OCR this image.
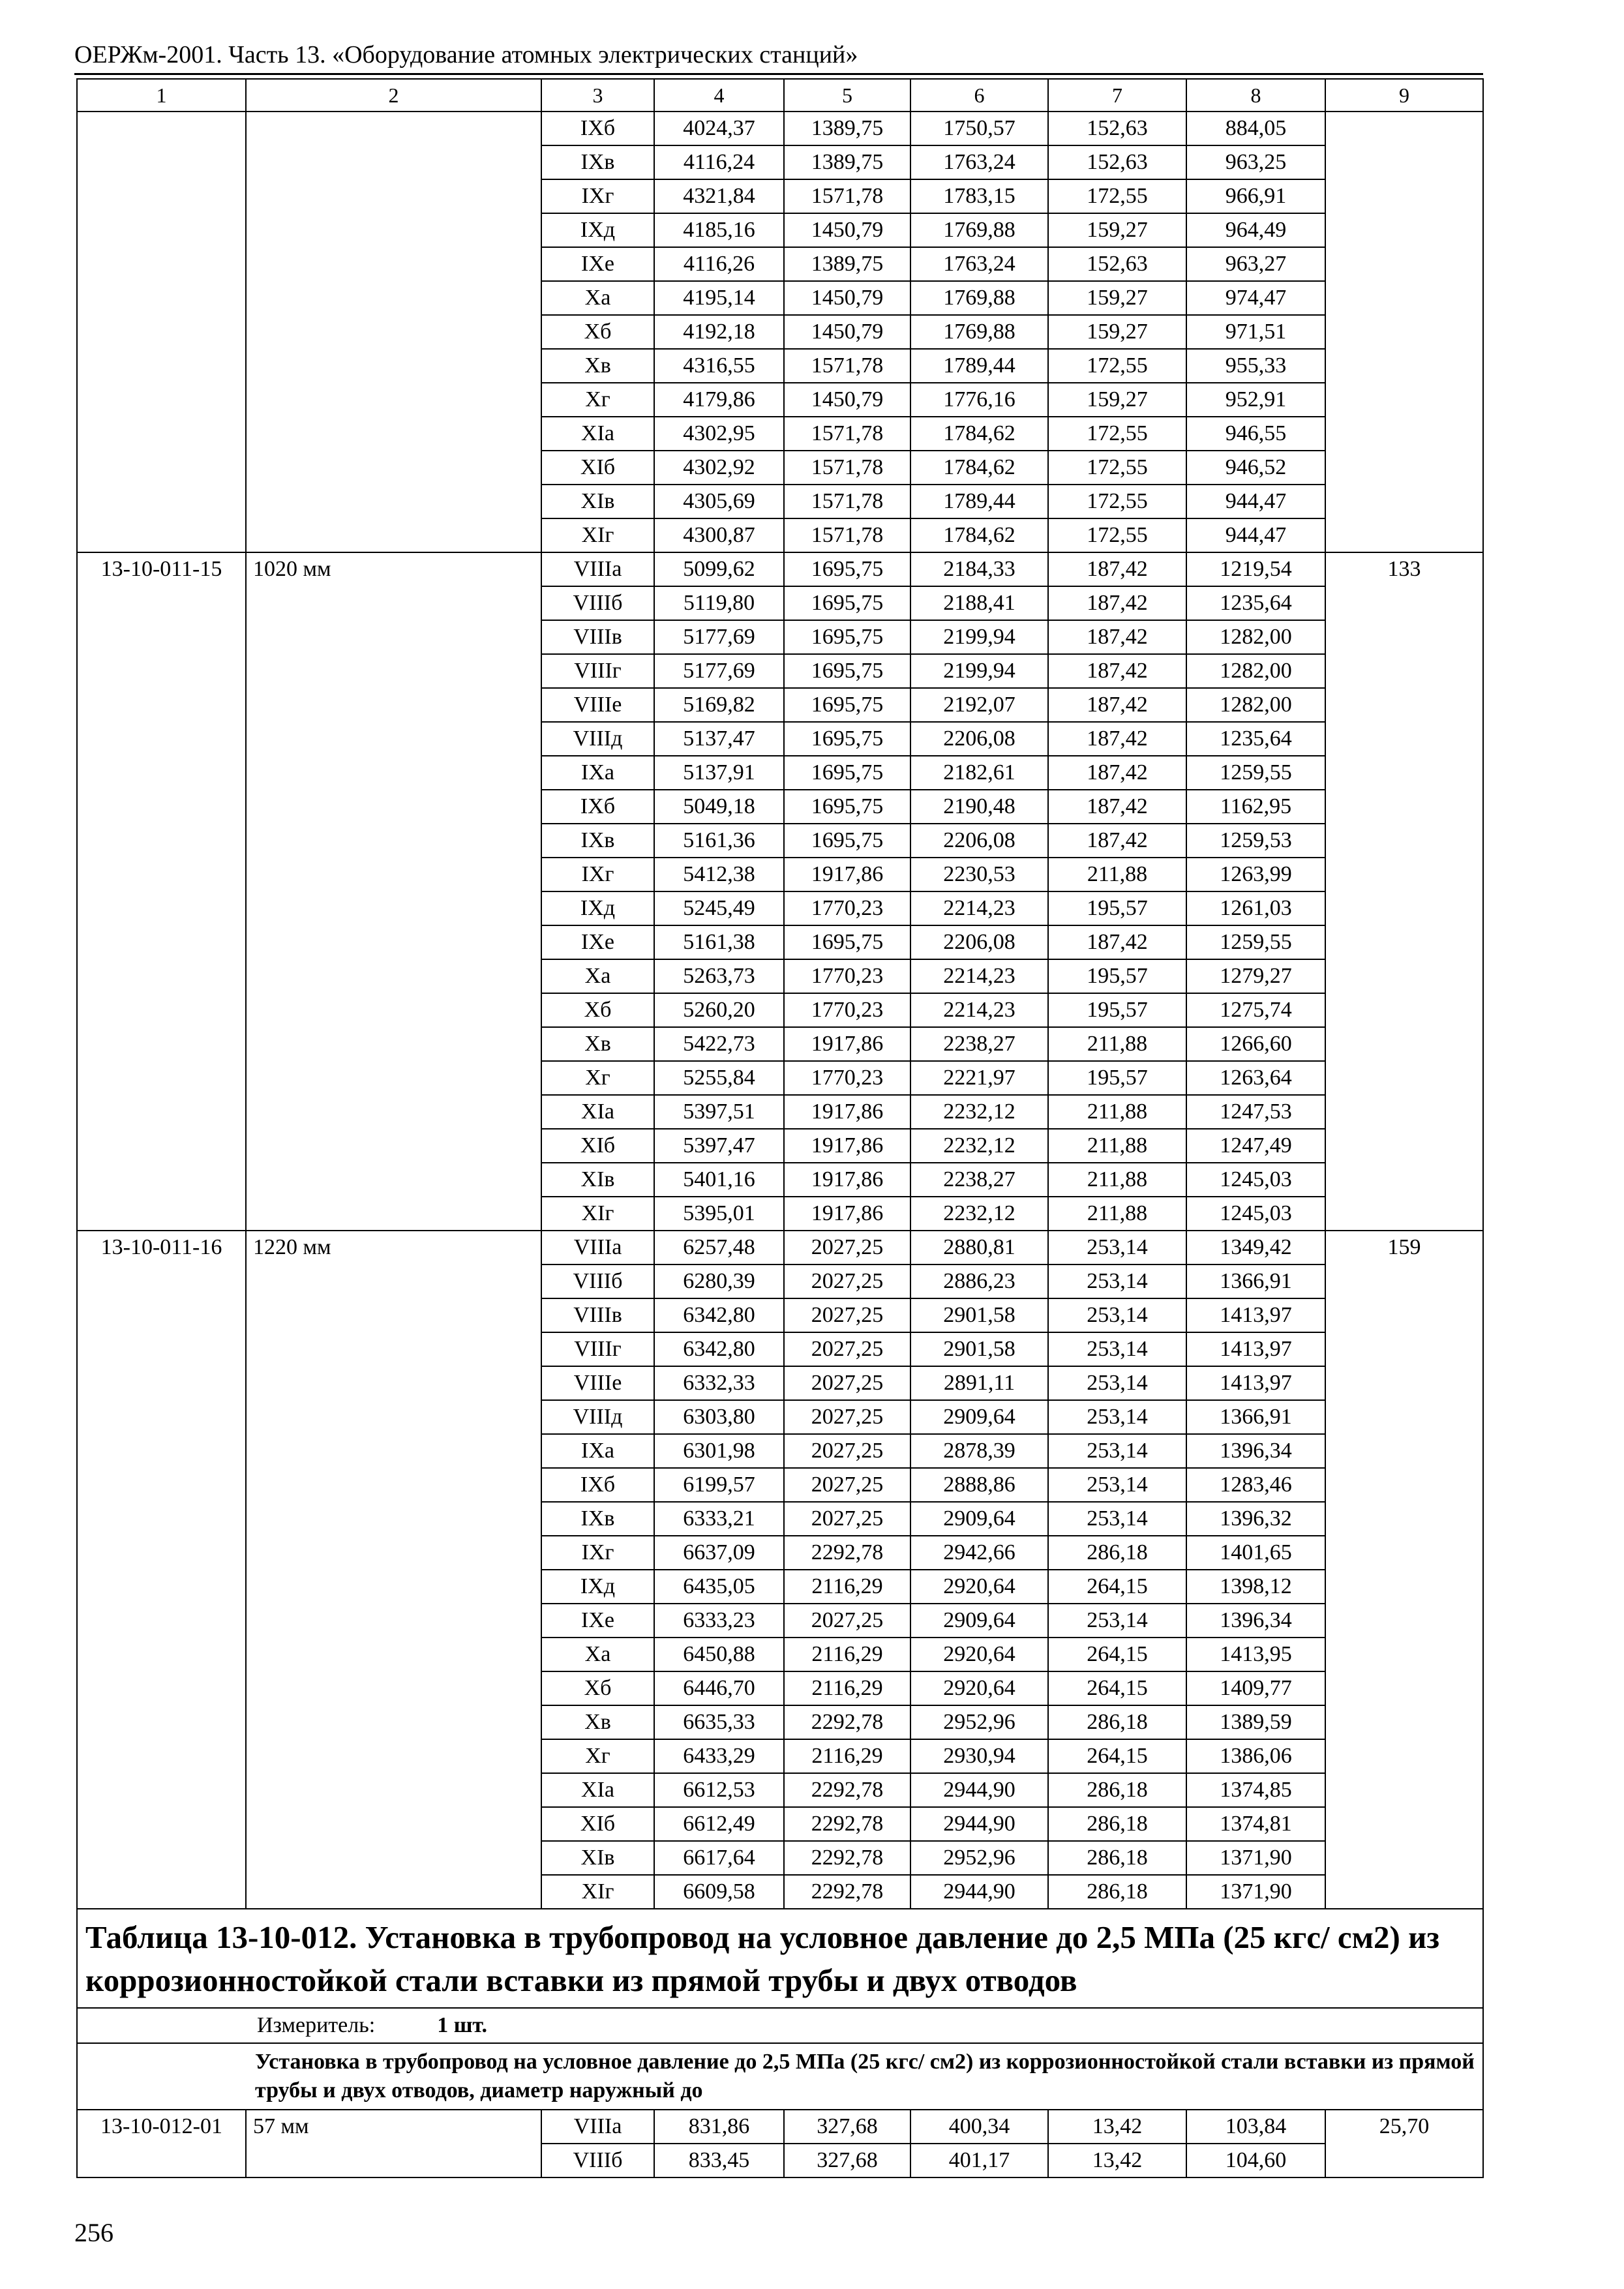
ОЕРЖм-2001. Часть 13. «Оборудование атомных электрических станций»
1	2	3	4	5	6	7	8	9
		IXб	4024,37	1389,75	1750,57	152,63	884,05	
		IXв	4116,24	1389,75	1763,24	152,63	963,25	
		IXг	4321,84	1571,78	1783,15	172,55	966,91	
		IXд	4185,16	1450,79	1769,88	159,27	964,49	
		IXе	4116,26	1389,75	1763,24	152,63	963,27	
		Xа	4195,14	1450,79	1769,88	159,27	974,47	
		Xб	4192,18	1450,79	1769,88	159,27	971,51	
		Xв	4316,55	1571,78	1789,44	172,55	955,33	
		Xг	4179,86	1450,79	1776,16	159,27	952,91	
		XIа	4302,95	1571,78	1784,62	172,55	946,55	
		XIб	4302,92	1571,78	1784,62	172,55	946,52	
		XIв	4305,69	1571,78	1789,44	172,55	944,47	
		XIг	4300,87	1571,78	1784,62	172,55	944,47	
13-10-011-15	1020 мм	VIIIа	5099,62	1695,75	2184,33	187,42	1219,54	133
		VIIIб	5119,80	1695,75	2188,41	187,42	1235,64	
		VIIIв	5177,69	1695,75	2199,94	187,42	1282,00	
		VIIIг	5177,69	1695,75	2199,94	187,42	1282,00	
		VIIIе	5169,82	1695,75	2192,07	187,42	1282,00	
		VIIIд	5137,47	1695,75	2206,08	187,42	1235,64	
		IXа	5137,91	1695,75	2182,61	187,42	1259,55	
		IXб	5049,18	1695,75	2190,48	187,42	1162,95	
		IXв	5161,36	1695,75	2206,08	187,42	1259,53	
		IXг	5412,38	1917,86	2230,53	211,88	1263,99	
		IXд	5245,49	1770,23	2214,23	195,57	1261,03	
		IXе	5161,38	1695,75	2206,08	187,42	1259,55	
		Xа	5263,73	1770,23	2214,23	195,57	1279,27	
		Xб	5260,20	1770,23	2214,23	195,57	1275,74	
		Xв	5422,73	1917,86	2238,27	211,88	1266,60	
		Xг	5255,84	1770,23	2221,97	195,57	1263,64	
		XIа	5397,51	1917,86	2232,12	211,88	1247,53	
		XIб	5397,47	1917,86	2232,12	211,88	1247,49	
		XIв	5401,16	1917,86	2238,27	211,88	1245,03	
		XIг	5395,01	1917,86	2232,12	211,88	1245,03	
13-10-011-16	1220 мм	VIIIа	6257,48	2027,25	2880,81	253,14	1349,42	159
		VIIIб	6280,39	2027,25	2886,23	253,14	1366,91	
		VIIIв	6342,80	2027,25	2901,58	253,14	1413,97	
		VIIIг	6342,80	2027,25	2901,58	253,14	1413,97	
		VIIIе	6332,33	2027,25	2891,11	253,14	1413,97	
		VIIIд	6303,80	2027,25	2909,64	253,14	1366,91	
		IXа	6301,98	2027,25	2878,39	253,14	1396,34	
		IXб	6199,57	2027,25	2888,86	253,14	1283,46	
		IXв	6333,21	2027,25	2909,64	253,14	1396,32	
		IXг	6637,09	2292,78	2942,66	286,18	1401,65	
		IXд	6435,05	2116,29	2920,64	264,15	1398,12	
		IXе	6333,23	2027,25	2909,64	253,14	1396,34	
		Xа	6450,88	2116,29	2920,64	264,15	1413,95	
		Xб	6446,70	2116,29	2920,64	264,15	1409,77	
		Xв	6635,33	2292,78	2952,96	286,18	1389,59	
		Xг	6433,29	2116,29	2930,94	264,15	1386,06	
		XIа	6612,53	2292,78	2944,90	286,18	1374,85	
		XIб	6612,49	2292,78	2944,90	286,18	1374,81	
		XIв	6617,64	2292,78	2952,96	286,18	1371,90	
		XIг	6609,58	2292,78	2944,90	286,18	1371,90	
Таблица 13-10-012. Установка в трубопровод на условное давление до 2,5 МПа (25 кгс/ см2) из коррозионностойкой стали вставки из прямой трубы и двух отводов								
Измеритель: 1 шт.								
Установка в трубопровод на условное давление до 2,5 МПа (25 кгс/ см2) из коррозионностойкой стали вставки из прямой трубы и двух отводов, диаметр наружный до								
13-10-012-01	57 мм	VIIIа	831,86	327,68	400,34	13,42	103,84	25,70
		VIIIб	833,45	327,68	401,17	13,42	104,60	
256
